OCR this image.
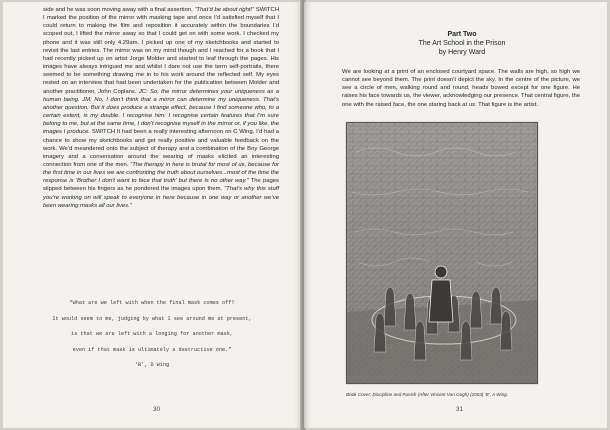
side and he was soon moving away with a final assertion, “That’d be about right!” SWITCH I marked the position of the mirror with masking tape and once I’d satisfied myself that I could return to making the film and reposition it accurately within the boundaries I’d scoped out, I lifted the mirror away so that I could get on with some work. I checked my phone and it was still only 4.29am. I picked up one of my sketchbooks and started to revisit the last entries. The mirror was on my mind though and I reached for a book that I had recently picked up on artist Jorge Molder and started to leaf through the pages. His images have always intrigued me and whilst I dare not use the term self-portraits, there seemed to be something drawing me in to his work around the reflected self. My eyes rested on an interview that had been undertaken for the publication between Molder and another practitioner, John Coplans. JC: So, the mirror determines your uniqueness as a human being. JM: No, I don’t think that a mirror can determine my uniqueness. That’s another question. But it does produce a strange effect, because I find someone who, to a certain extent, is my double. I recognise him: I recognise certain features that I’m sure belong to me, but at the same time, I don’t recognise myself in the mirror or, if you like, the images I produce. SWITCH It had been a really interesting afternoon on C Wing, I’d had a chance to show my sketchbooks and get really positive and valuable feedback on the work. We’d meandered onto the subject of therapy and a combination of the Boy George imagery and a conversation around the wearing of masks elicited an interesting connection from one of the men. “The therapy in here is brutal for most of us, because for the first time in our lives we are confronting the truth about ourselves...most of the time the response is ‘Brother I don’t want to face that truth’ but there is no other way.” The pages slipped between his fingers as he pondered the images upon them. “That’s why this stuff you’re working on will speak to everyone in here because in one way or another we’ve been wearing masks all our lives.”
“What are we left with when the final mask comes off?
It would seem to me, judging by what I see around me at present,
is that we are left with a longing for another mask,
even if that mask is ultimately a destructive one.”
‘B’, D Wing
30
Part Two
The Art School in the Prison
by Henry Ward
We are looking at a print of an enclosed courtyard space. The walls are high, so high we cannot see beyond them. The print doesn’t depict the sky. In the centre of the picture, we see a circle of men, walking round and round, heads bowed except for one figure. He raises his face towards us, the viewer, acknowledging our presence. That central figure, the one with the raised face, the one staring back at us. That figure is the artist.
Book Cover: Discipline and Punish (After Vincent Van Gogh) (2003) ‘B’, A Wing.
31
